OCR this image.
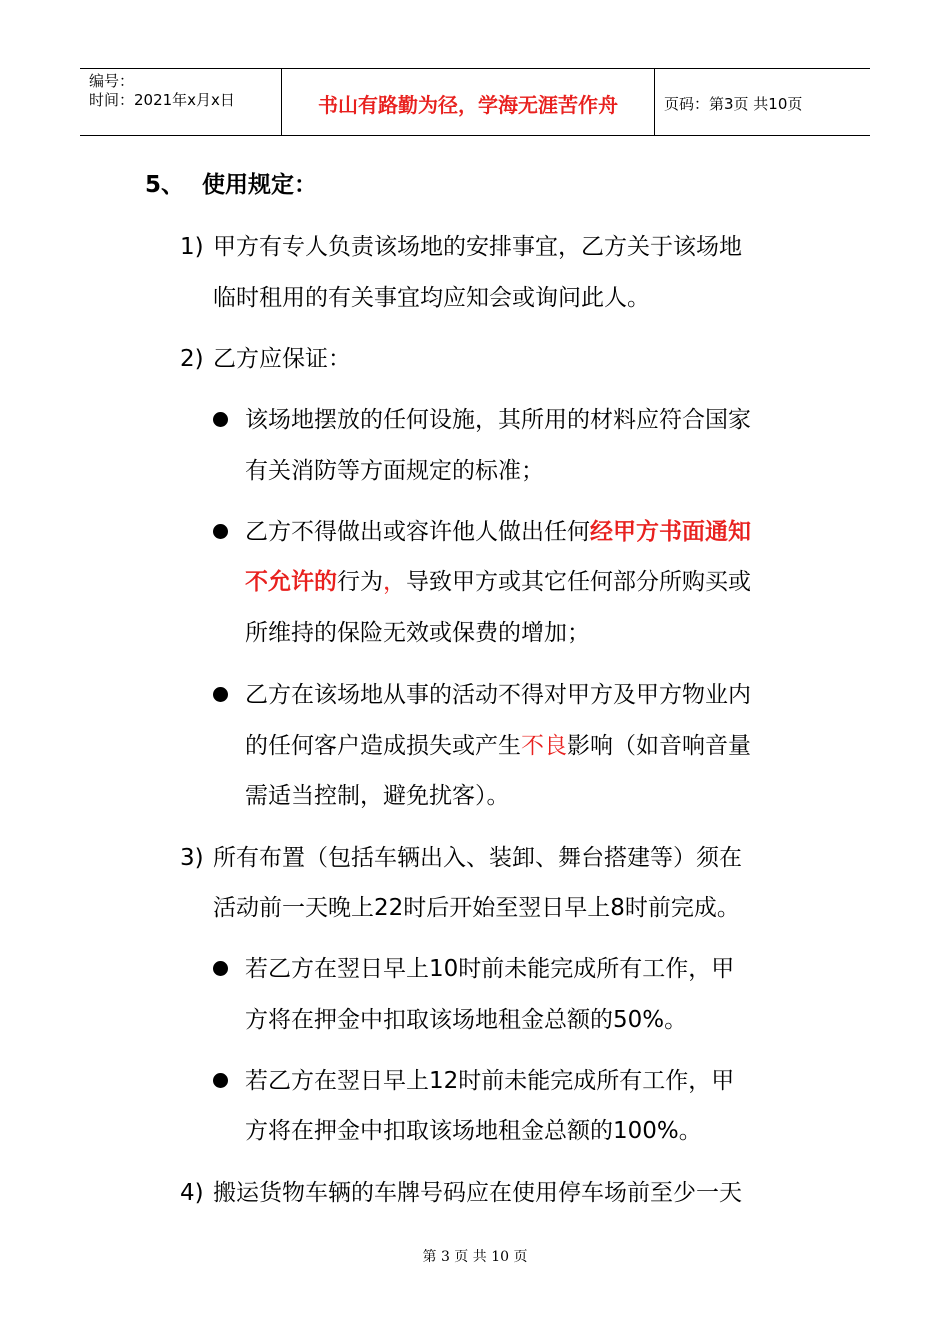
编号：
时间：2021年x月x日	书山有路勤为径，学海无涯苦作舟	页码：第3页 共10页
5、 使用规定：
1) 甲方有专人负责该场地的安排事宜，乙方关于该场地
临时租用的有关事宜均应知会或询问此人。
2) 乙方应保证：
该场地摆放的任何设施，其所用的材料应符合国家
有关消防等方面规定的标准；
乙方不得做出或容许他人做出任何经甲方书面通知
不允许的行为，导致甲方或其它任何部分所购买或
所维持的保险无效或保费的增加；
乙方在该场地从事的活动不得对甲方及甲方物业内
的任何客户造成损失或产生不良影响（如音响音量
需适当控制，避免扰客）。
3) 所有布置（包括车辆出入、装卸、舞台搭建等）须在
活动前一天晚上22时后开始至翌日早上8时前完成。
若乙方在翌日早上10时前未能完成所有工作，甲
方将在押金中扣取该场地租金总额的50%。
若乙方在翌日早上12时前未能完成所有工作，甲
方将在押金中扣取该场地租金总额的100%。
4) 搬运货物车辆的车牌号码应在使用停车场前至少一天
第 3 页 共 10 页
